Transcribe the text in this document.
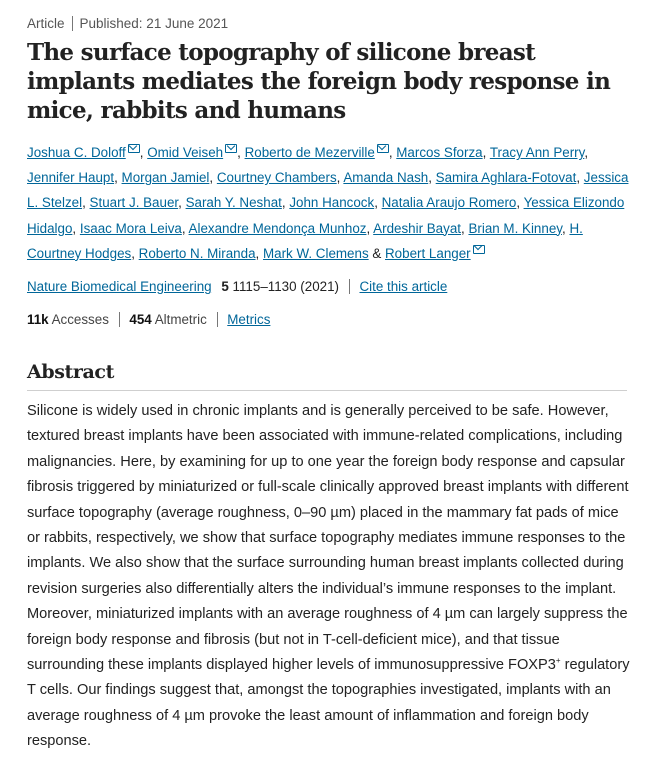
Article Published: 21 June 2021
The surface topography of silicone breast implants mediates the foreign body response in mice, rabbits and humans
Joshua C. Doloff , Omid Veiseh , Roberto de Mezerville , Marcos Sforza, Tracy Ann Perry, Jennifer Haupt, Morgan Jamiel, Courtney Chambers, Amanda Nash, Samira Aghlara-Fotovat, Jessica L. Stelzel, Stuart J. Bauer, Sarah Y. Neshat, John Hancock, Natalia Araujo Romero, Yessica Elizondo Hidalgo, Isaac Mora Leiva, Alexandre Mendonça Munhoz, Ardeshir Bayat, Brian M. Kinney, H. Courtney Hodges, Roberto N. Miranda, Mark W. Clemens & Robert Langer
Nature Biomedical Engineering 5 1115–1130 (2021) Cite this article
11k Accesses 454 Altmetric Metrics
Abstract

Silicone is widely used in chronic implants and is generally perceived to be safe. However, textured breast implants have been associated with immune-related complications, including malignancies. Here, by examining for up to one year the foreign body response and capsular fibrosis triggered by miniaturized or full-scale clinically approved breast implants with different surface topography (average roughness, 0–90 µm) placed in the mammary fat pads of mice or rabbits, respectively, we show that surface topography mediates immune responses to the implants. We also show that the surface surrounding human breast implants collected during revision surgeries also differentially alters the individual’s immune responses to the implant. Moreover, miniaturized implants with an average roughness of 4 µm can largely suppress the foreign body response and fibrosis (but not in T-cell-deficient mice), and that tissue surrounding these implants displayed higher levels of immunosuppressive FOXP3+ regulatory T cells. Our findings suggest that, amongst the topographies investigated, implants with an average roughness of 4 µm provoke the least amount of inflammation and foreign body response.
